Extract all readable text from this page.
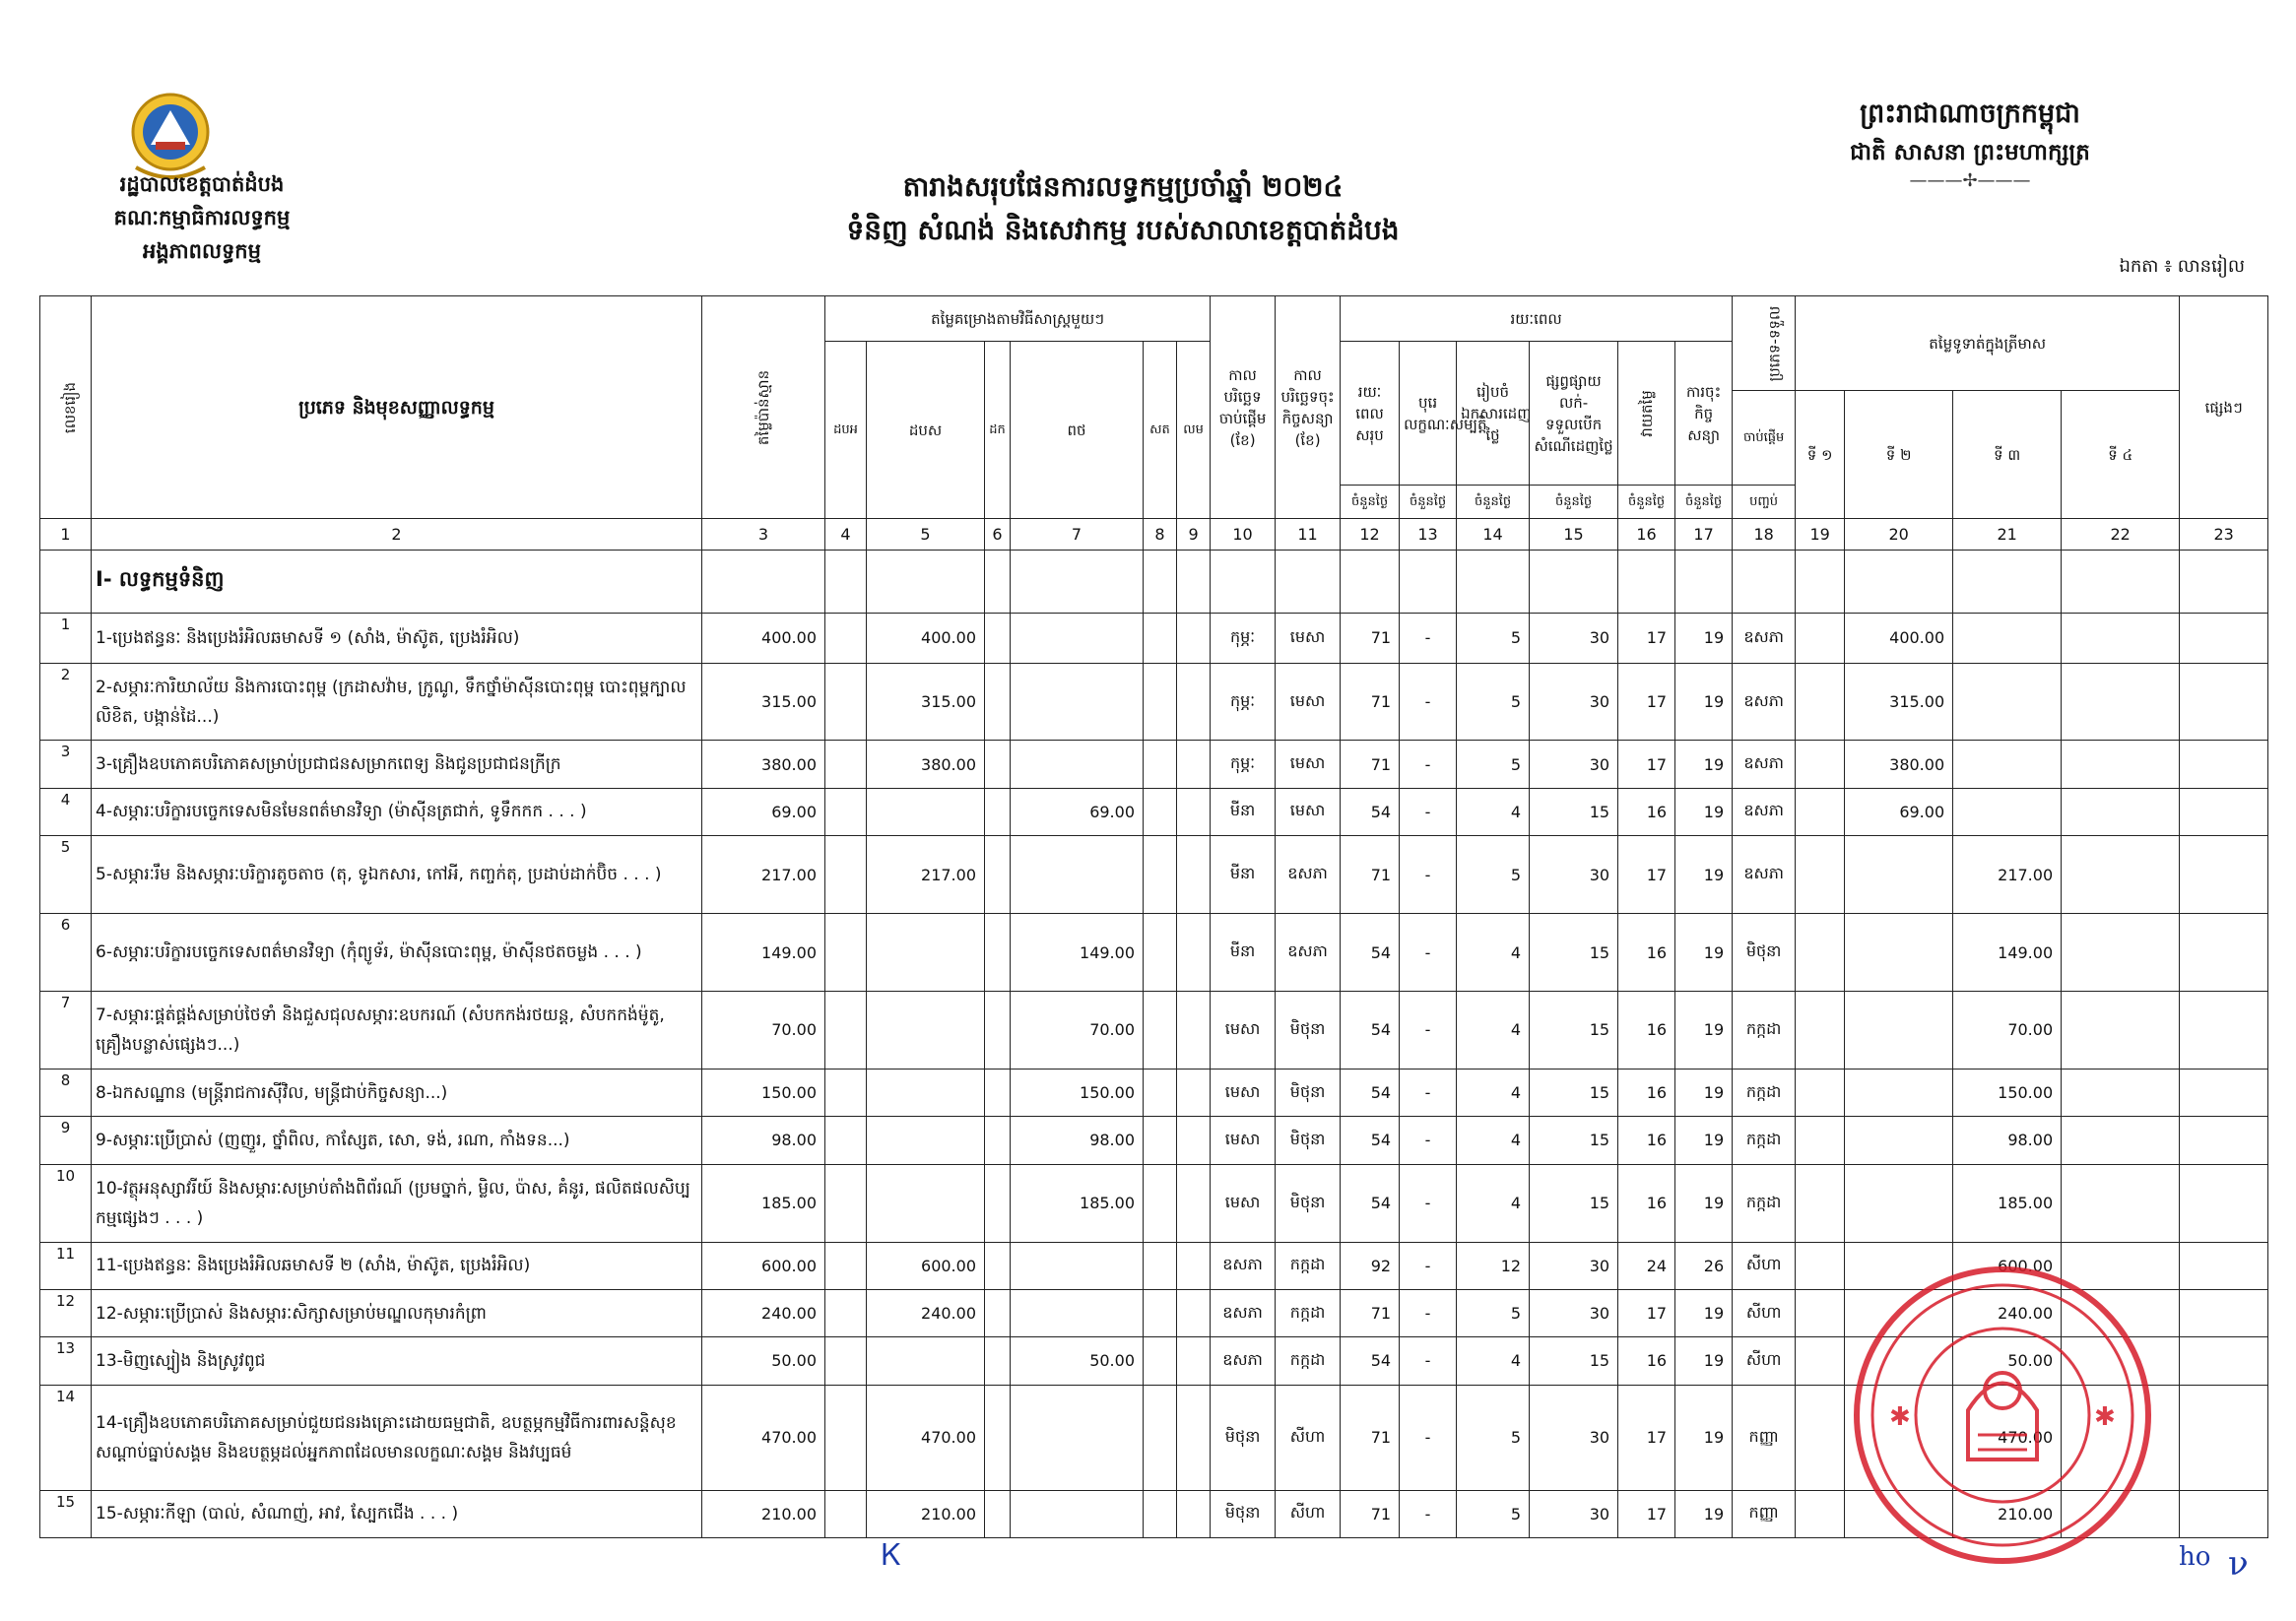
រដ្ឋបាលខេត្តបាត់ដំបង
គណៈកម្មាធិការលទ្ធកម្ម
អង្គភាពលទ្ធកម្ម
ព្រះរាជាណាចក្រកម្ពុជា
ជាតិ សាសនា ព្រះមហាក្សត្រ
———✢———
តារាងសរុបផែនការលទ្ធកម្មប្រចាំឆ្នាំ ២០២៤
ទំនិញ សំណង់ និងសេវាកម្ម របស់សាលាខេត្តបាត់ដំបង
ឯកតា ៖ លានរៀល
លេខរៀង	ប្រភេទ និងមុខសញ្ញាលទ្ធកម្ម	តម្លៃប៉ាន់ស្មាន	តម្លៃគម្រោងតាមវិធីសាស្ត្រមួយៗ						កាលបរិច្ឆេទចាប់ផ្ដើម (ខែ)	កាលបរិច្ឆេទចុះកិច្ចសន្យា (ខែ)	រយៈពេល						ប្រភេទ-ទទួល	តម្លៃទូទាត់ក្នុងត្រីមាស				ផ្សេងៗ
			ដបអ	ដបស	ដក	ពថ	សត	លម			រយៈពេលសរុប	បុរេលក្ខណៈសម្បត្តិ	រៀបចំឯកសារដេញថ្លៃ	ផ្សព្វផ្សាយលក់-ទទួលបើកសំណើដេញថ្លៃ	វាយតម្លៃ	ការចុះកិច្ចសន្យា						
																	ចាប់ផ្ដើម	ទី ១	ទី ២	ទី ៣	ទី ៤	
											ចំនួនថ្ងៃ	ចំនួនថ្ងៃ	ចំនួនថ្ងៃ	ចំនួនថ្ងៃ	ចំនួនថ្ងៃ	ចំនួនថ្ងៃ	បញ្ចប់					
1	2	3	4	5	6	7	8	9	10	11	12	13	14	15	16	17	18	19	20	21	22	23
	I- លទ្ធកម្មទំនិញ																					
1	1-ប្រេងឥន្ធនៈ និងប្រេងរំអិលឆមាសទី ១ (សាំង, ម៉ាស៊ូត, ប្រេងរំអិល)	400.00		400.00					កុម្ភៈ	មេសា	71	-	5	30	17	19	ឧសភា		400.00			
2	2-សម្ភារៈការិយាល័យ និងការបោះពុម្ព (ក្រដាសវ៉ាម, ក្រូណូ, ទឹកថ្នាំម៉ាស៊ីនបោះពុម្ព បោះពុម្ពក្បាលលិខិត, បង្កាន់ដៃ...)	315.00		315.00					កុម្ភៈ	មេសា	71	-	5	30	17	19	ឧសភា		315.00			
3	3-គ្រឿងឧបភោគបរិភោគសម្រាប់ប្រជាជនសម្រាកពេទ្យ និងជូនប្រជាជនក្រីក្រ	380.00		380.00					កុម្ភៈ	មេសា	71	-	5	30	17	19	ឧសភា		380.00			
4	4-សម្ភារៈបរិក្ខារបច្ចេកទេសមិនមែនពត៌មានវិទ្យា (ម៉ាស៊ីនត្រជាក់, ទូទឹកកក . . . )	69.00				69.00			មីនា	មេសា	54	-	4	15	16	19	ឧសភា		69.00			
5	5-សម្ភារៈរឹម និងសម្ភារៈបរិក្ខារតូចតាច (តុ, ទូឯកសារ, កៅអី, កញ្ចក់តុ, ប្រដាប់ដាក់ប៊ិច . . . )	217.00		217.00					មីនា	ឧសភា	71	-	5	30	17	19	ឧសភា			217.00		
6	6-សម្ភារៈបរិក្ខារបច្ចេកទេសពត៌មានវិទ្យា (កុំព្យូទ័រ, ម៉ាស៊ីនបោះពុម្ព, ម៉ាស៊ីនថតចម្លង . . . )	149.00				149.00			មីនា	ឧសភា	54	-	4	15	16	19	មិថុនា			149.00		
7	7-សម្ភារៈផ្គត់ផ្គង់សម្រាប់ថៃទាំ និងជួសជុលសម្ភារៈឧបករណ៍ (សំបកកង់រថយន្ត, សំបកកង់ម៉ូតូ, គ្រឿងបន្លាស់ផ្សេងៗ...)	70.00				70.00			មេសា	មិថុនា	54	-	4	15	16	19	កក្កដា			70.00		
8	8-ឯកសណ្ឋាន (មន្ត្រីរាជការស៊ីវិល, មន្ត្រីជាប់កិច្ចសន្យា...)	150.00				150.00			មេសា	មិថុនា	54	-	4	15	16	19	កក្កដា			150.00		
9	9-សម្ភារៈប្រើប្រាស់ (ញញួរ, ថ្នាំពិល, កាស្សែត, សោ, ទង់, រណា, កាំងទន...)	98.00				98.00			មេសា	មិថុនា	54	-	4	15	16	19	កក្កដា			98.00		
10	10-វត្ថុអនុស្សាវរីយ៍ និងសម្ភារៈសម្រាប់តាំងពិព័រណ៍ (ប្រមច្នាក់, ម្លិល, ប៉ាស, គំនូរ, ផលិតផលសិប្បកម្មផ្សេងៗ . . . )	185.00				185.00			មេសា	មិថុនា	54	-	4	15	16	19	កក្កដា			185.00		
11	11-ប្រេងឥន្ធនៈ និងប្រេងរំអិលឆមាសទី ២ (សាំង, ម៉ាស៊ូត, ប្រេងរំអិល)	600.00		600.00					ឧសភា	កក្កដា	92	-	12	30	24	26	សីហា			600.00		
12	12-សម្ភារៈប្រើប្រាស់ និងសម្ភារៈសិក្សាសម្រាប់មណ្ឌលកុមារកំព្រា	240.00		240.00					ឧសភា	កក្កដា	71	-	5	30	17	19	សីហា			240.00		
13	13-មិញស្បៀង និងស្រូវពូជ	50.00				50.00			ឧសភា	កក្កដា	54	-	4	15	16	19	សីហា			50.00		
14	14-គ្រឿងឧបភោគបរិភោគសម្រាប់ជួយជនរងគ្រោះដោយធម្មជាតិ, ឧបត្ថម្ភកម្មវិធីការពារសន្តិសុខ សណ្តាប់ធ្នាប់សង្គម និងឧបត្ថម្ភដល់អ្នកភាពដែលមានលក្ខណៈសង្គម និងវប្បធម៌	470.00		470.00					មិថុនា	សីហា	71	-	5	30	17	19	កញ្ញា			470.00		
15	15-សម្ភារៈកីឡា (បាល់, សំណាញ់, អាវ, ស្បែកជើង . . . )	210.00		210.00					មិថុនា	សីហា	71	-	5	30	17	19	កញ្ញា			210.00		
✱	✱
Ꮶ	ho ν
